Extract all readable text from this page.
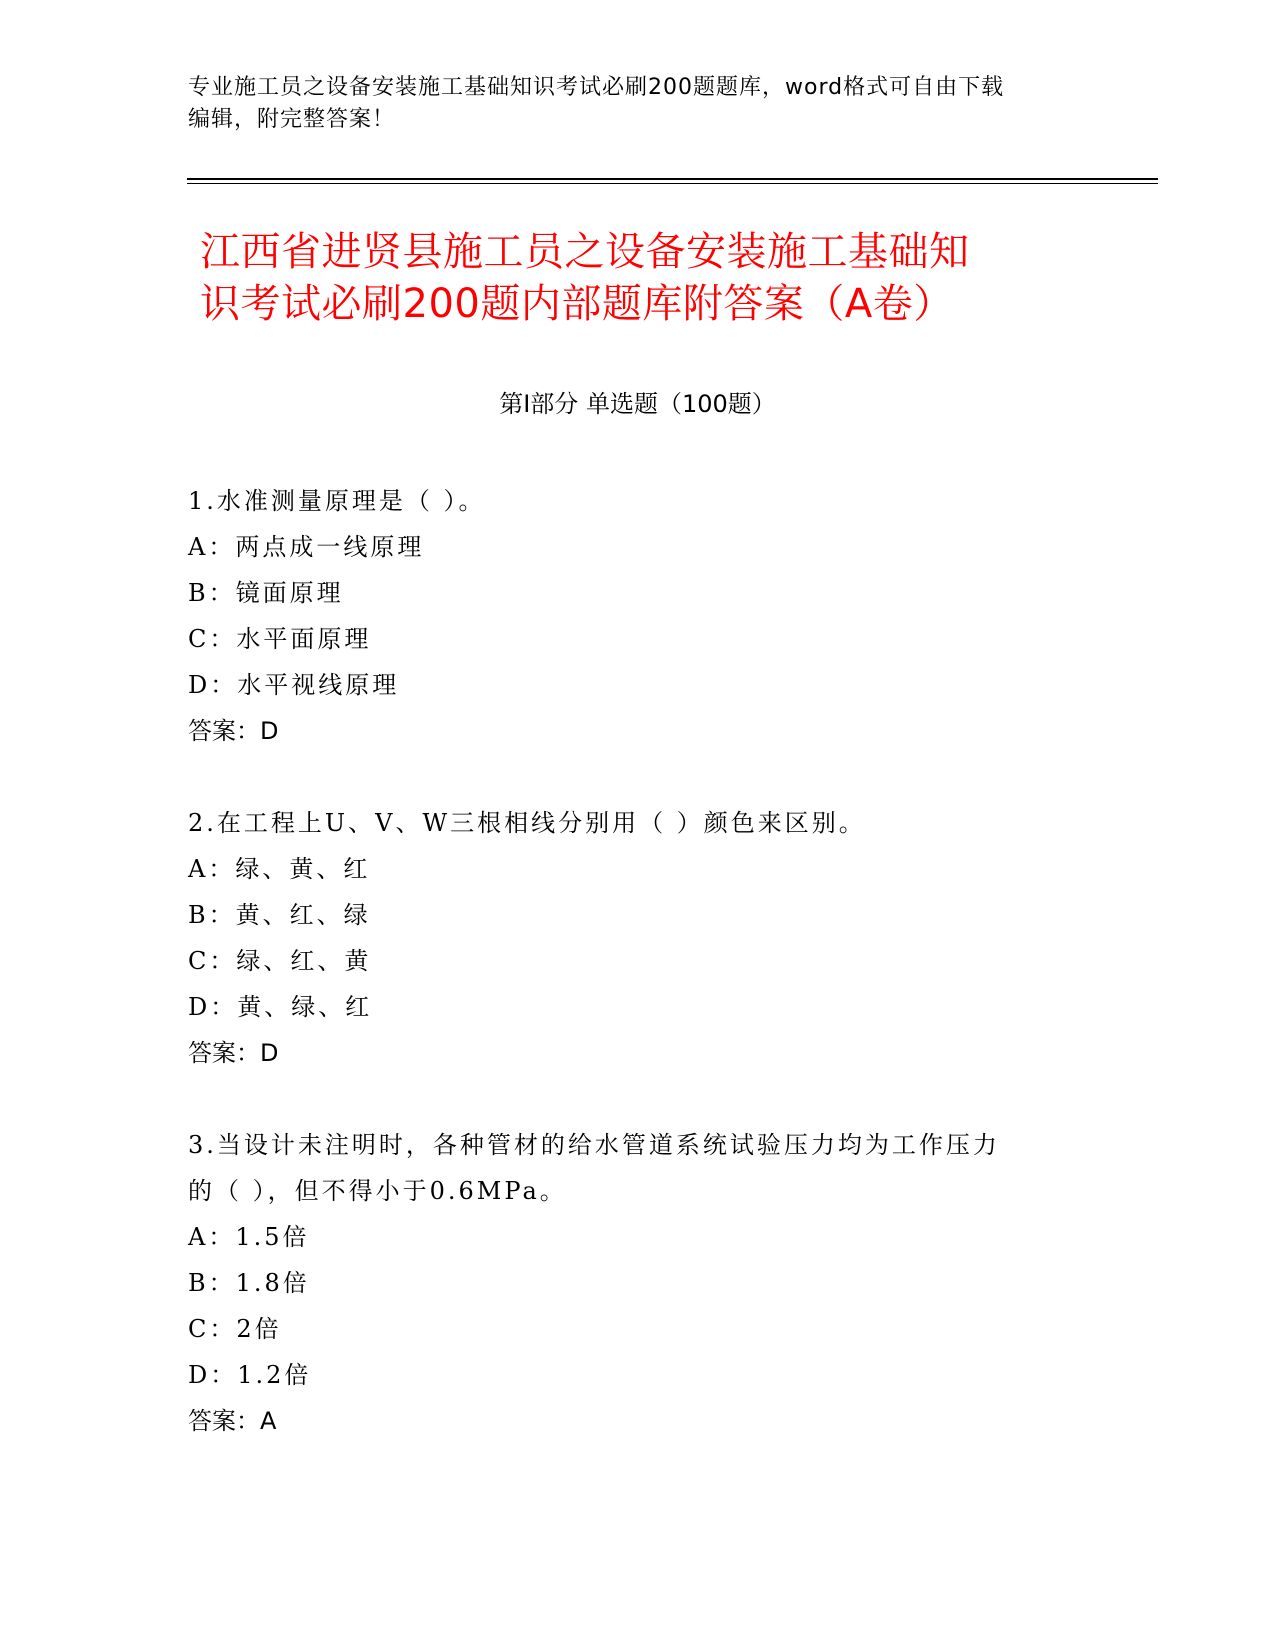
专业施工员之设备安装施工基础知识考试必刷200题题库，word格式可自由下载
编辑，附完整答案！
江西省进贤县施工员之设备安装施工基础知
识考试必刷200题内部题库附答案（A卷）
第Ⅰ部分 单选题（100题）
1.水准测量原理是（ ）。
A：两点成一线原理
B：镜面原理
C：水平面原理
D：水平视线原理
答案：D
2.在工程上U、V、W三根相线分别用（ ）颜色来区别。
A：绿、黄、红
B：黄、红、绿
C：绿、红、黄
D：黄、绿、红
答案：D
3.当设计未注明时，各种管材的给水管道系统试验压力均为工作压力
的（ ），但不得小于0.6MPa。
A：1.5倍
B：1.8倍
C：2倍
D：1.2倍
答案：A
